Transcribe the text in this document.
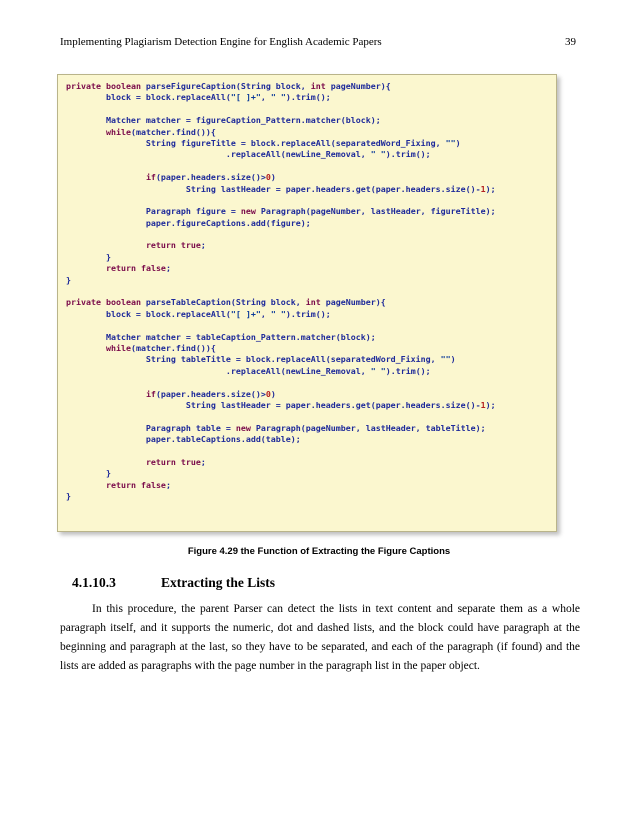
Implementing Plagiarism Detection Engine for English Academic Papers	39
private boolean parseFigureCaption(String block, int pageNumber){
block = block.replaceAll("[ ]+", " ").trim();

Matcher matcher = figureCaption_Pattern.matcher(block);
while(matcher.find()){
String figureTitle = block.replaceAll(separatedWord_Fixing, "")
.replaceAll(newLine_Removal, " ").trim();

if(paper.headers.size()>0)
String lastHeader = paper.headers.get(paper.headers.size()-1);

Paragraph figure = new Paragraph(pageNumber, lastHeader, figureTitle);
paper.figureCaptions.add(figure);

return true;
}
return false;
}

private boolean parseTableCaption(String block, int pageNumber){
block = block.replaceAll("[ ]+", " ").trim();

Matcher matcher = tableCaption_Pattern.matcher(block);
while(matcher.find()){
String tableTitle = block.replaceAll(separatedWord_Fixing, "")
.replaceAll(newLine_Removal, " ").trim();

if(paper.headers.size()>0)
String lastHeader = paper.headers.get(paper.headers.size()-1);

Paragraph table = new Paragraph(pageNumber, lastHeader, tableTitle);
paper.tableCaptions.add(table);

return true;
}
return false;
}
Figure 4.29 the Function of Extracting the Figure Captions
4.1.10.3	Extracting the Lists
In this procedure, the parent Parser can detect the lists in text content and separate them as a whole paragraph itself, and it supports the numeric, dot and dashed lists, and the block could have paragraph at the beginning and paragraph at the last, so they have to be separated, and each of the paragraph (if found) and the lists are added as paragraphs with the page number in the paragraph list in the paper object.
